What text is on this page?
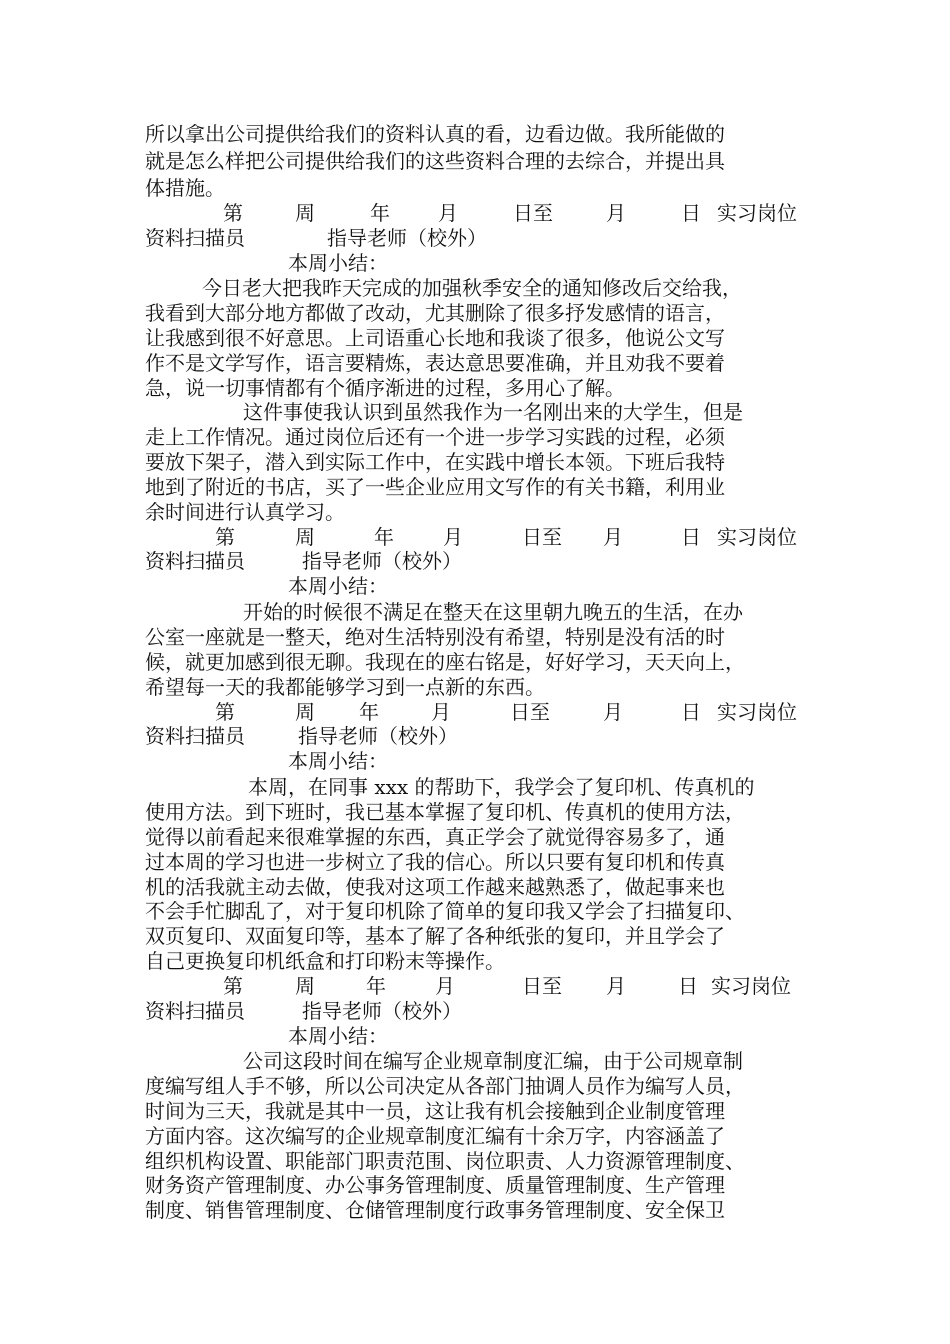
所以拿出公司提供给我们的资料认真的看，边看边做。我所能做的
就是怎么样把公司提供给我们的这些资料合理的去综合，并提出具
体措施。
第	周	年 月	日至	月	日 实习岗位
资料扫描员	指导老师（校外）
本周小结：
今日老大把我昨天完成的加强秋季安全的通知修改后交给我，
我看到大部分地方都做了改动，尤其删除了很多抒发感情的语言，
让我感到很不好意思。上司语重心长地和我谈了很多，他说公文写
作不是文学写作，语言要精炼，表达意思要准确，并且劝我不要着
急，说一切事情都有个循序渐进的过程，多用心了解。
这件事使我认识到虽然我作为一名刚出来的大学生，但是
走上工作情况。通过岗位后还有一个进一步学习实践的过程，必须
要放下架子，潜入到实际工作中，在实践中增长本领。下班后我特
地到了附近的书店，买了一些企业应用文写作的有关书籍，利用业
余时间进行认真学习。
第	周	年 月	日至 月	日 实习岗位
资料扫描员	指导老师（校外）
本周小结：
开始的时候很不满足在整天在这里朝九晚五的生活，在办
公室一座就是一整天，绝对生活特别没有希望，特别是没有活的时
候，就更加感到很无聊。我现在的座右铭是，好好学习，天天向上，
希望每一天的我都能够学习到一点新的东西。
第	周 年	月	日至	月	日 实习岗位
资料扫描员	指导老师（校外）
本周小结：
本周，在同事 xxx 的帮助下，我学会了复印机、传真机的
使用方法。到下班时，我已基本掌握了复印机、传真机的使用方法，
觉得以前看起来很难掌握的东西，真正学会了就觉得容易多了，通
过本周的学习也进一步树立了我的信心。所以只要有复印机和传真
机的活我就主动去做，使我对这项工作越来越熟悉了，做起事来也
不会手忙脚乱了，对于复印机除了简单的复印我又学会了扫描复印、
双页复印、双面复印等，基本了解了各种纸张的复印，并且学会了
自己更换复印机纸盒和打印粉末等操作。
第	周	年 月	日至 月	日 实习岗位
资料扫描员	指导老师（校外）
本周小结：
公司这段时间在编写企业规章制度汇编，由于公司规章制
度编写组人手不够，所以公司决定从各部门抽调人员作为编写人员，
时间为三天，我就是其中一员，这让我有机会接触到企业制度管理
方面内容。这次编写的企业规章制度汇编有十余万字，内容涵盖了
组织机构设置、职能部门职责范围、岗位职责、人力资源管理制度、
财务资产管理制度、办公事务管理制度、质量管理制度、生产管理
制度、销售管理制度、仓储管理制度行政事务管理制度、安全保卫
